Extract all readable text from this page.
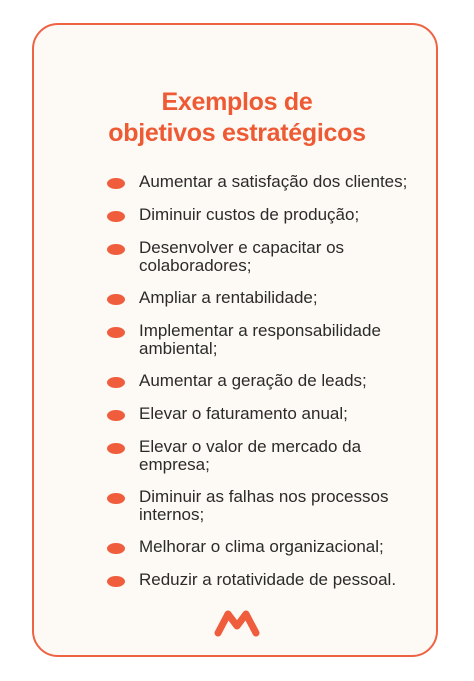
Exemplos de
objetivos estratégicos
Aumentar a satisfação dos clientes;
Diminuir custos de produção;
Desenvolver e capacitar os colaboradores;
Ampliar a rentabilidade;
Implementar a responsabilidade ambiental;
Aumentar a geração de leads;
Elevar o faturamento anual;
Elevar o valor de mercado da empresa;
Diminuir as falhas nos processos internos;
Melhorar o clima organizacional;
Reduzir a rotatividade de pessoal.
